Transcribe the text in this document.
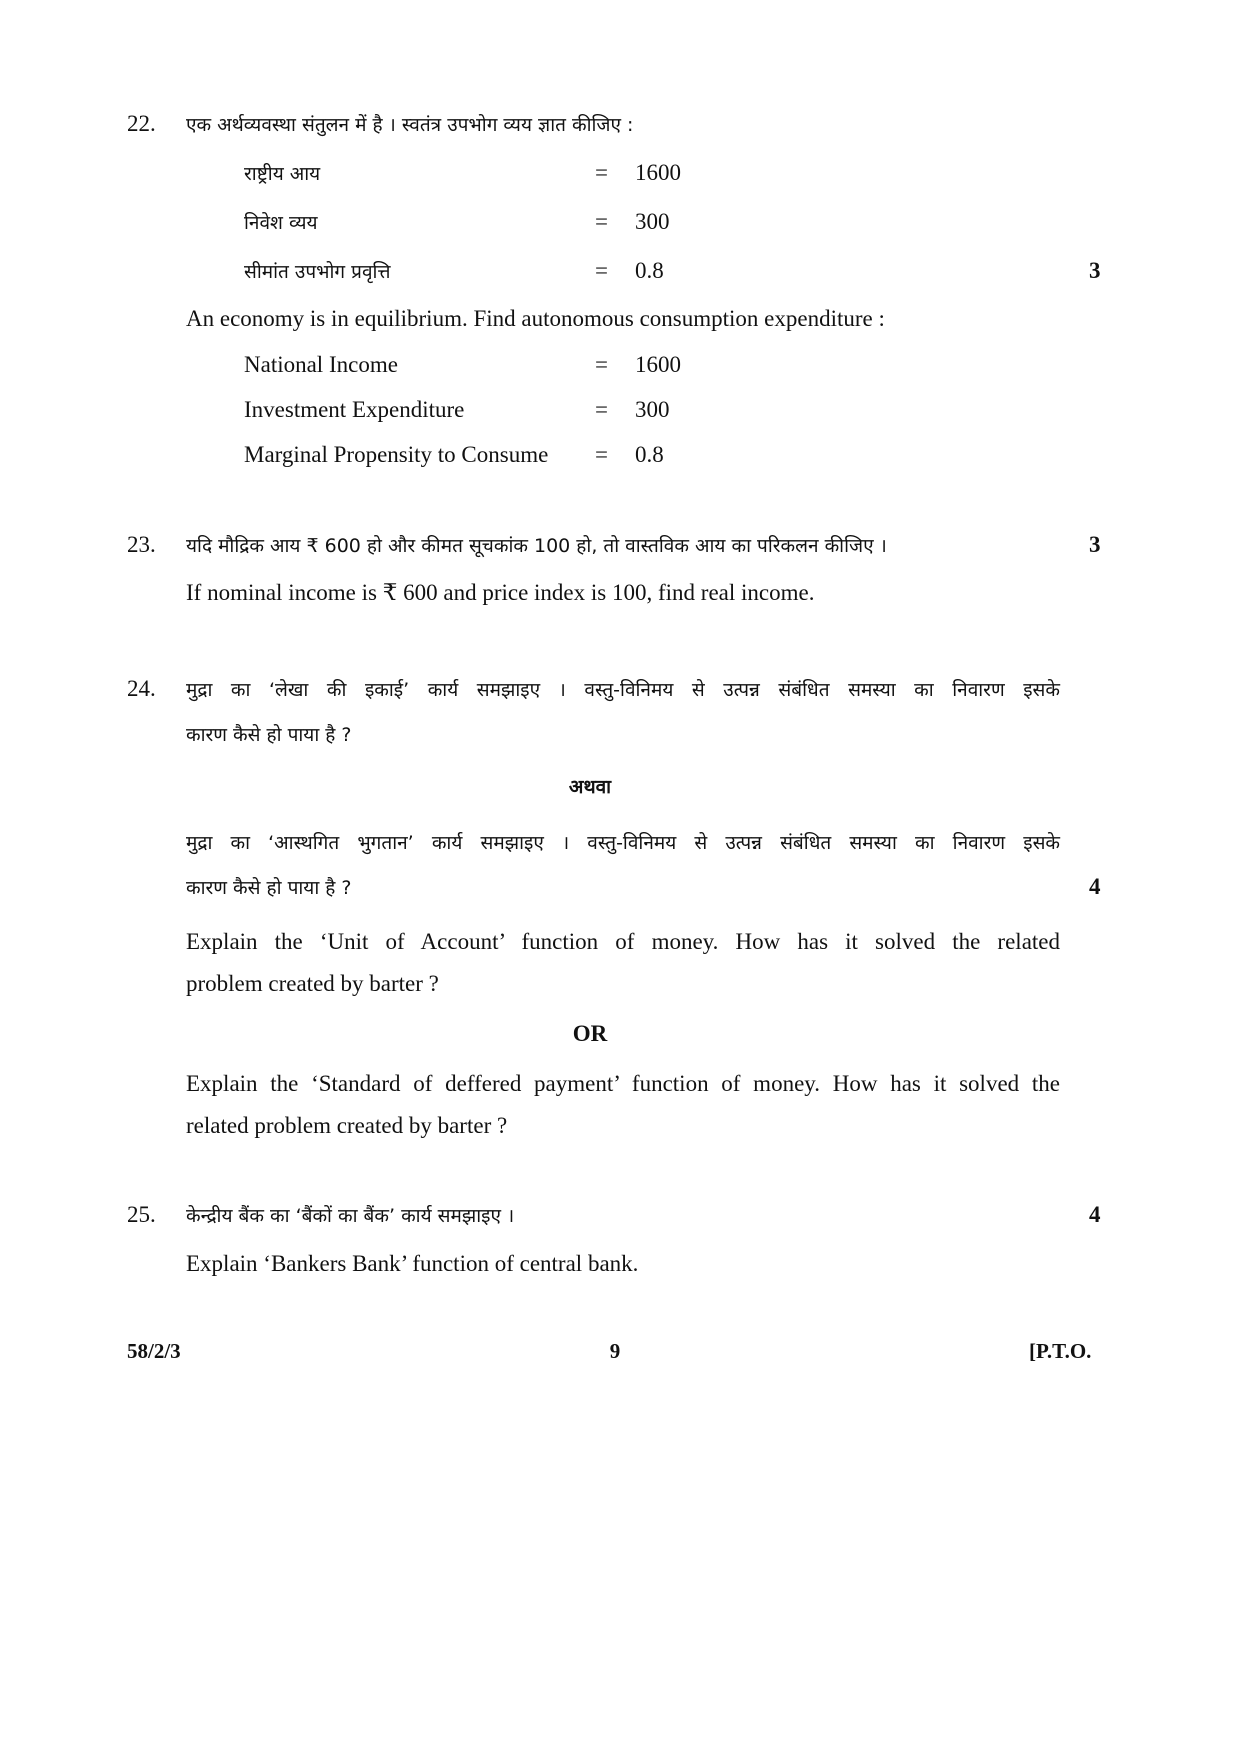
22. एक अर्थव्यवस्था संतुलन में है । स्वतंत्र उपभोग व्यय ज्ञात कीजिए :
राष्ट्रीय आय	= 1600
निवेश व्यय	= 300
सीमांत उपभोग प्रवृत्ति	= 0.8	3
An economy is in equilibrium. Find autonomous consumption expenditure :
National Income	= 1600
Investment Expenditure	= 300
Marginal Propensity to Consume = 0.8
23. यदि मौद्रिक आय ₹ 600 हो और कीमत सूचकांक 100 हो, तो वास्तविक आय का परिकलन कीजिए ।	3
If nominal income is ₹ 600 and price index is 100, find real income.
24. मुद्रा का ‘लेखा की इकाई’ कार्य समझाइए । वस्तु-विनिमय से उत्पन्न संबंधित समस्या का निवारण इसके
कारण कैसे हो पाया है ?
अथवा
मुद्रा का ‘आस्थगित भुगतान’ कार्य समझाइए । वस्तु-विनिमय से उत्पन्न संबंधित समस्या का निवारण इसके
कारण कैसे हो पाया है ?	4
Explain the ‘Unit of Account’ function of money. How has it solved the related
problem created by barter ?
OR
Explain the ‘Standard of deffered payment’ function of money. How has it solved the
related problem created by barter ?
25. केन्द्रीय बैंक का ‘बैंकों का बैंक’ कार्य समझाइए ।	4
Explain ‘Bankers Bank’ function of central bank.
58/2/3	9	[P.T.O.
